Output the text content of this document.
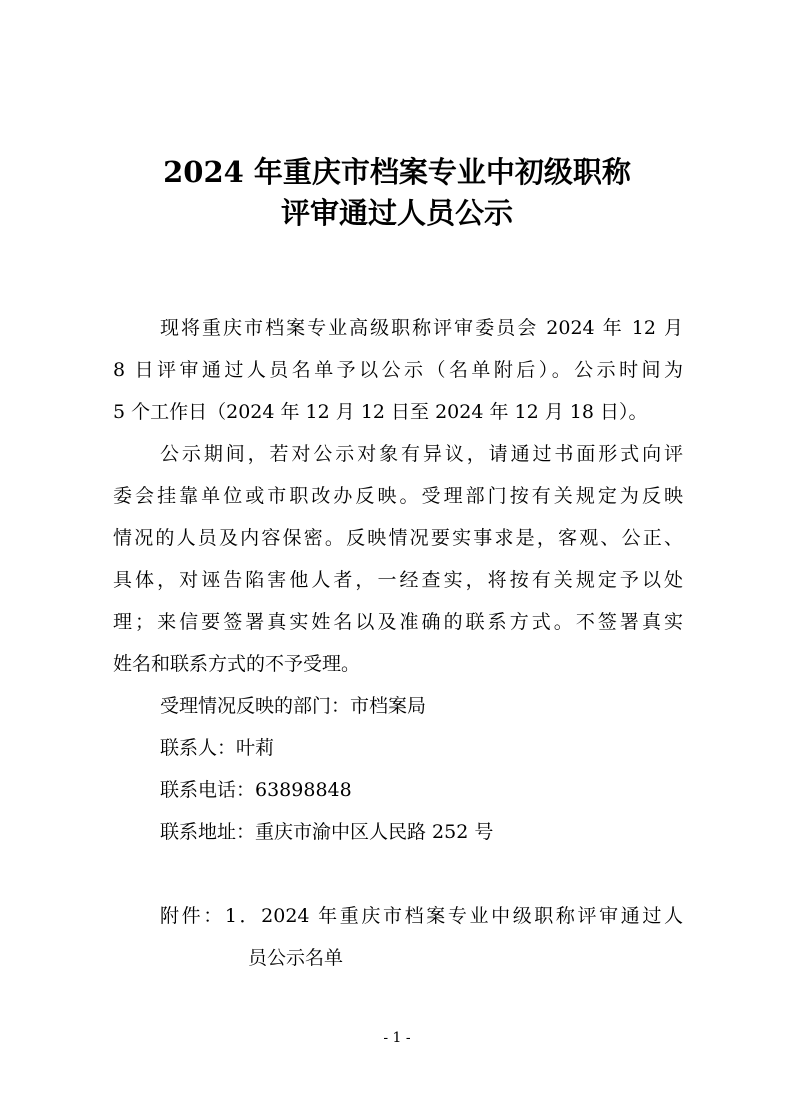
2024 年重庆市档案专业中初级职称
评审通过人员公示
现将重庆市档案专业高级职称评审委员会 2024 年 12 月
8 日评审通过人员名单予以公示（名单附后）。公示时间为
5 个工作日（2024 年 12 月 12 日至 2024 年 12 月 18 日）。
公示期间，若对公示对象有异议，请通过书面形式向评
委会挂靠单位或市职改办反映。受理部门按有关规定为反映
情况的人员及内容保密。反映情况要实事求是，客观、公正、
具体，对诬告陷害他人者，一经查实，将按有关规定予以处
理；来信要签署真实姓名以及准确的联系方式。不签署真实
姓名和联系方式的不予受理。
受理情况反映的部门：市档案局
联系人：叶莉
联系电话：63898848
联系地址：重庆市渝中区人民路 252 号
附件：1．2024 年重庆市档案专业中级职称评审通过人
员公示名单
- 1 -
